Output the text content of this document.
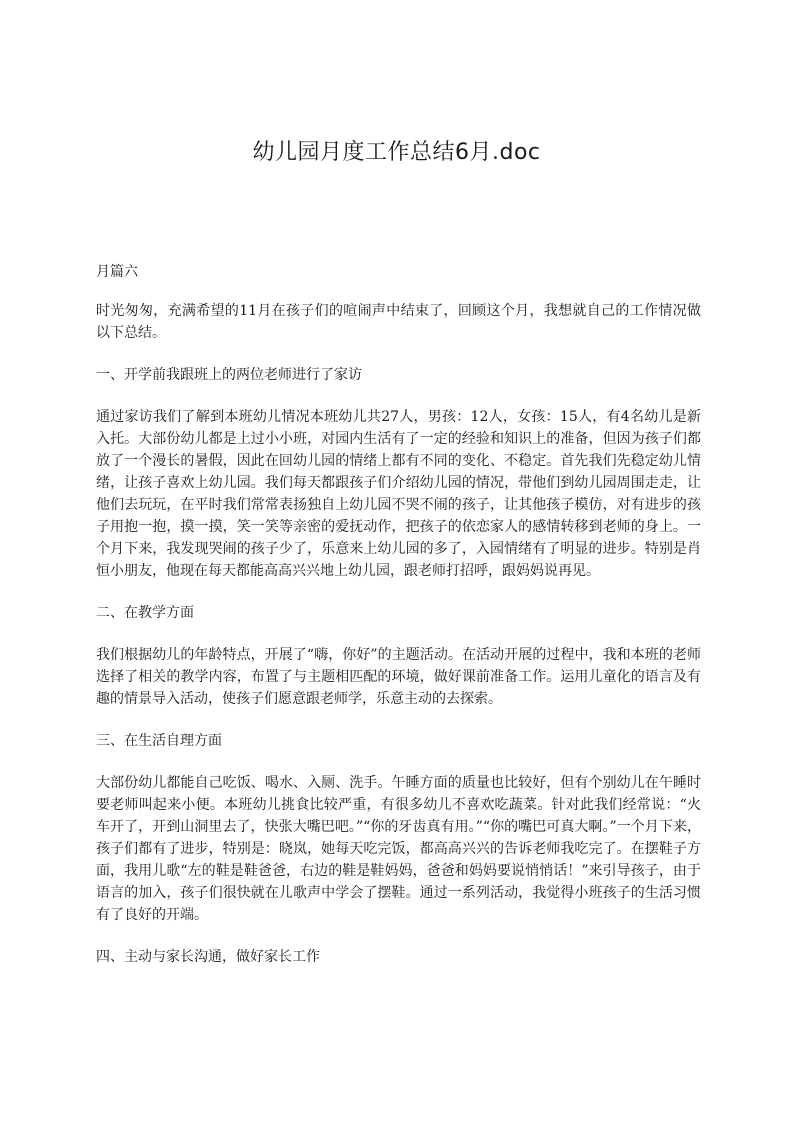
幼儿园月度工作总结6月.doc

月篇六

时光匆匆，充满希望的11月在孩子们的喧闹声中结束了，回顾这个月，我想就自己的工作情况做以下总结。

一、开学前我跟班上的两位老师进行了家访

通过家访我们了解到本班幼儿情况本班幼儿共27人，男孩：12人，女孩：15人，有4名幼儿是新入托。大部份幼儿都是上过小小班，对园内生活有了一定的经验和知识上的准备，但因为孩子们都放了一个漫长的暑假，因此在回幼儿园的情绪上都有不同的变化、不稳定。首先我们先稳定幼儿情绪，让孩子喜欢上幼儿园。我们每天都跟孩子们介绍幼儿园的情况，带他们到幼儿园周围走走，让他们去玩玩，在平时我们常常表扬独自上幼儿园不哭不闹的孩子，让其他孩子模仿，对有进步的孩子用抱一抱，摸一摸，笑一笑等亲密的爱抚动作，把孩子的依恋家人的感情转移到老师的身上。一个月下来，我发现哭闹的孩子少了，乐意来上幼儿园的多了，入园情绪有了明显的进步。特别是肖恒小朋友，他现在每天都能高高兴兴地上幼儿园，跟老师打招呼，跟妈妈说再见。

二、在教学方面

我们根据幼儿的年龄特点，开展了“嗨，你好”的主题活动。在活动开展的过程中，我和本班的老师选择了相关的教学内容，布置了与主题相匹配的环境，做好课前准备工作。运用儿童化的语言及有趣的情景导入活动，使孩子们愿意跟老师学，乐意主动的去探索。

三、在生活自理方面

大部份幼儿都能自己吃饭、喝水、入厕、洗手。午睡方面的质量也比较好，但有个别幼儿在午睡时要老师叫起来小便。本班幼儿挑食比较严重，有很多幼儿不喜欢吃蔬菜。针对此我们经常说：“火车开了，开到山洞里去了，快张大嘴巴吧。”“你的牙齿真有用。”“你的嘴巴可真大啊。”一个月下来，孩子们都有了进步，特别是：晓岚，她每天吃完饭，都高高兴兴的告诉老师我吃完了。在摆鞋子方面，我用儿歌“左的鞋是鞋爸爸，右边的鞋是鞋妈妈，爸爸和妈妈要说悄悄话！”来引导孩子，由于语言的加入，孩子们很快就在儿歌声中学会了摆鞋。通过一系列活动，我觉得小班孩子的生活习惯有了良好的开端。

四、主动与家长沟通，做好家长工作
